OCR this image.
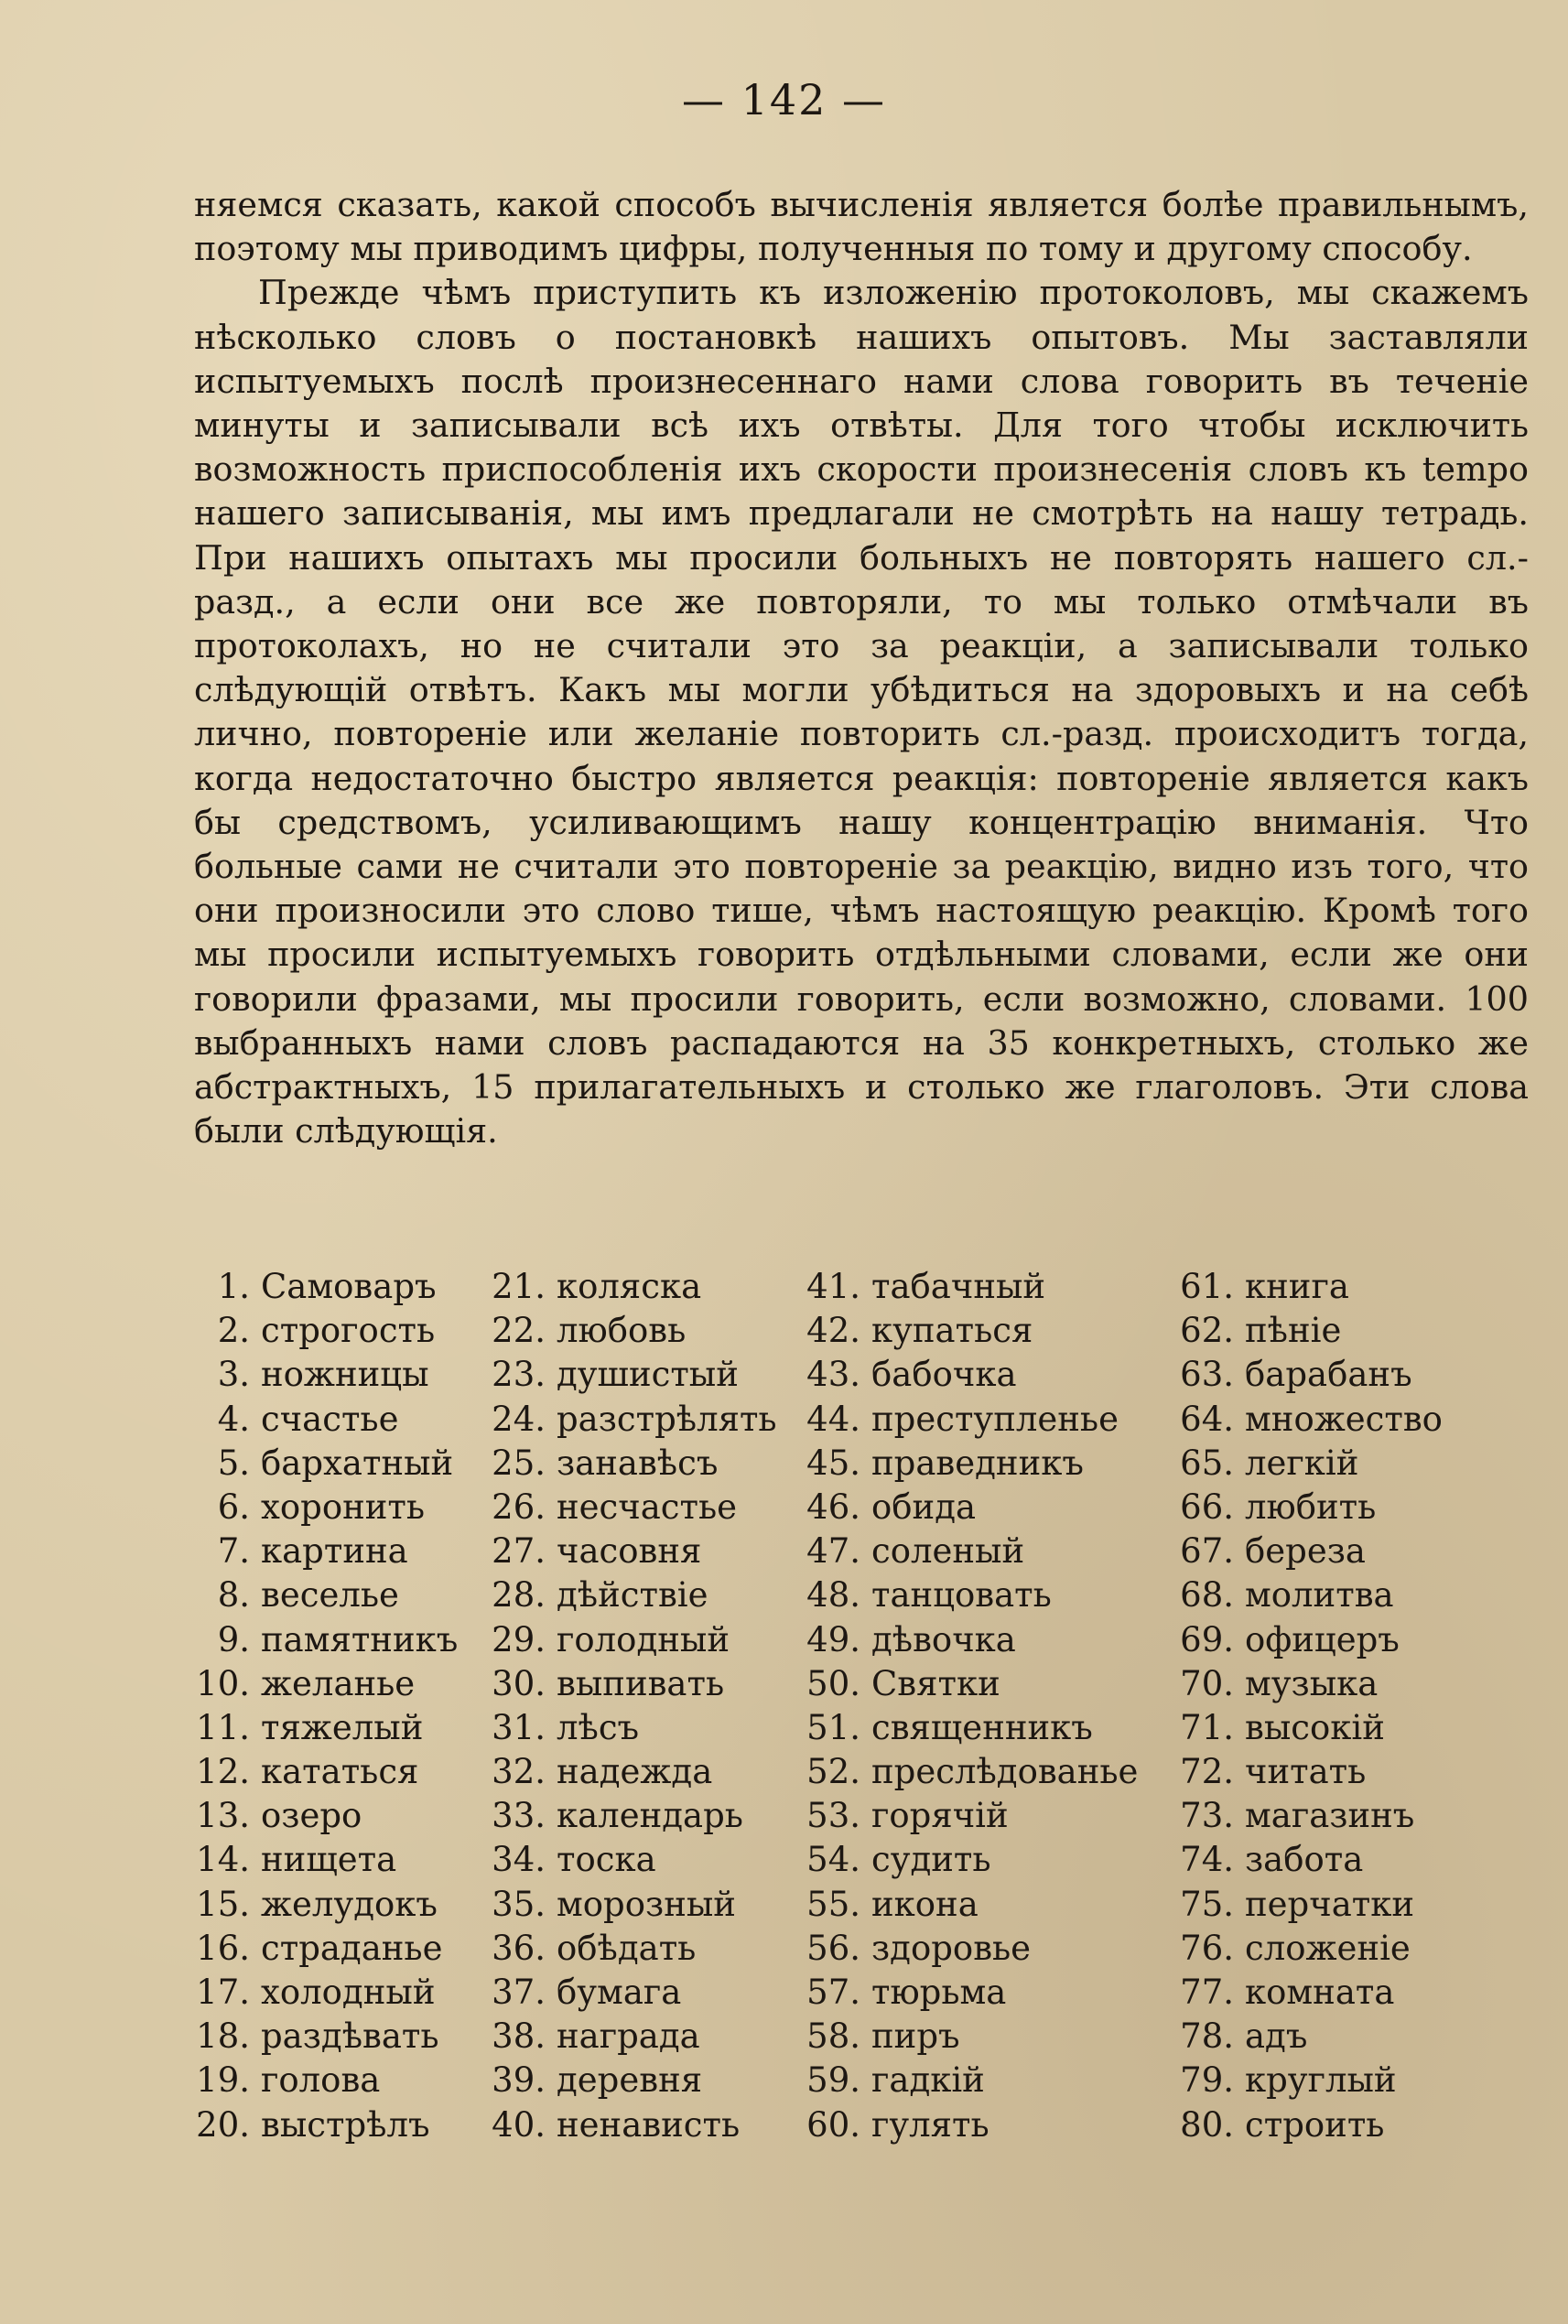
— 142 —

няемся сказать, какой способъ вычисленія является болѣе правильнымъ, поэтому мы приводимъ цифры, полученныя по тому и другому способу.

Прежде чѣмъ приступить къ изложенію протоколовъ, мы скажемъ нѣсколько словъ о постановкѣ нашихъ опытовъ. Мы заставляли испытуемыхъ послѣ произнесеннаго нами слова говорить въ теченіе минуты и записывали всѣ ихъ отвѣты. Для того чтобы исключить возможность приспособленія ихъ скорости произнесенія словъ къ tempo нашего записыванія, мы имъ предлагали не смотрѣть на нашу тетрадь. При нашихъ опытахъ мы просили больныхъ не повторять нашего сл.-разд., а если они все же повторяли, то мы только отмѣчали въ протоколахъ, но не считали это за реакціи, а записывали только слѣдующій отвѣтъ. Какъ мы могли убѣдиться на здоровыхъ и на себѣ лично, повтореніе или желаніе повторить сл.-разд. происходитъ тогда, когда недостаточно быстро является реакція: повтореніе является какъ бы средствомъ, усиливающимъ нашу концентрацію вниманія. Что больные сами не считали это повтореніе за реакцію, видно изъ того, что они произносили это слово тише, чѣмъ настоящую реакцію. Кромѣ того мы просили испытуемыхъ говорить отдѣльными словами, если же они говорили фразами, мы просили говорить, если возможно, словами. 100 выбранныхъ нами словъ распадаются на 35 конкретныхъ, столько же абстрактныхъ, 15 прилагательныхъ и столько же глаголовъ. Эти слова были слѣдующія.

1. Самоваръ
2. строгость
3. ножницы
4. счастье
5. бархатный
6. хоронить
7. картина
8. веселье
9. памятникъ
10. желанье
11. тяжелый
12. кататься
13. озеро
14. нищета
15. желудокъ
16. страданье
17. холодный
18. раздѣвать
19. голова
20. выстрѣлъ
21. коляска
22. любовь
23. душистый
24. разстрѣлять
25. занавѣсъ
26. несчастье
27. часовня
28. дѣйствіе
29. голодный
30. выпивать
31. лѣсъ
32. надежда
33. календарь
34. тоска
35. морозный
36. обѣдать
37. бумага
38. награда
39. деревня
40. ненависть
41. табачный
42. купаться
43. бабочка
44. преступленье
45. праведникъ
46. обида
47. соленый
48. танцовать
49. дѣвочка
50. Святки
51. священникъ
52. преслѣдованье
53. горячій
54. судить
55. икона
56. здоровье
57. тюрьма
58. пиръ
59. гадкій
60. гулять
61. книга
62. пѣніе
63. барабанъ
64. множество
65. легкій
66. любить
67. береза
68. молитва
69. офицеръ
70. музыка
71. высокій
72. читать
73. магазинъ
74. забота
75. перчатки
76. сложеніе
77. комната
78. адъ
79. круглый
80. строить
